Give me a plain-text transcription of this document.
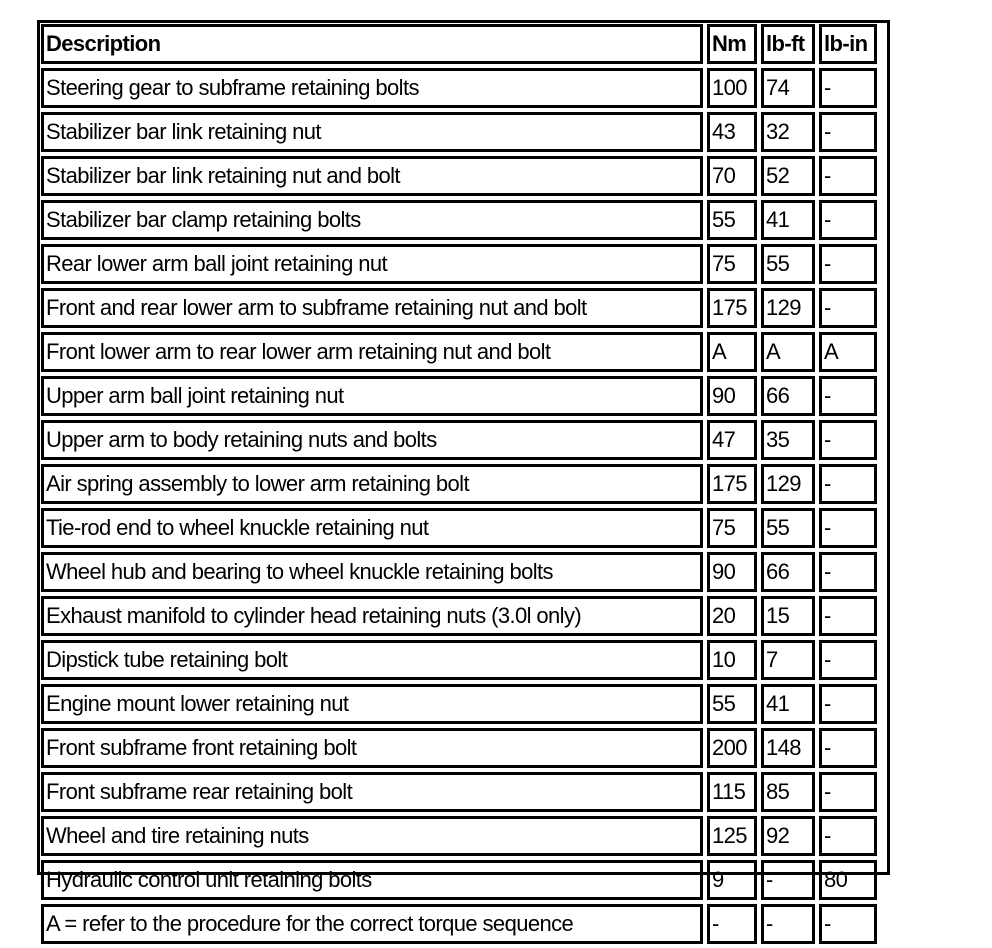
Description	Nm	lb-ft	lb-in
Steering gear to subframe retaining bolts	100	74	-
Stabilizer bar link retaining nut	43	32	-
Stabilizer bar link retaining nut and bolt	70	52	-
Stabilizer bar clamp retaining bolts	55	41	-
Rear lower arm ball joint retaining nut	75	55	-
Front and rear lower arm to subframe retaining nut and bolt	175	129	-
Front lower arm to rear lower arm retaining nut and bolt	A	A	A
Upper arm ball joint retaining nut	90	66	-
Upper arm to body retaining nuts and bolts	47	35	-
Air spring assembly to lower arm retaining bolt	175	129	-
Tie-rod end to wheel knuckle retaining nut	75	55	-
Wheel hub and bearing to wheel knuckle retaining bolts	90	66	-
Exhaust manifold to cylinder head retaining nuts (3.0l only)	20	15	-
Dipstick tube retaining bolt	10	7	-
Engine mount lower retaining nut	55	41	-
Front subframe front retaining bolt	200	148	-
Front subframe rear retaining bolt	115	85	-
Wheel and tire retaining nuts	125	92	-
Hydraulic control unit retaining bolts	9	-	80
A = refer to the procedure for the correct torque sequence	-	-	-
